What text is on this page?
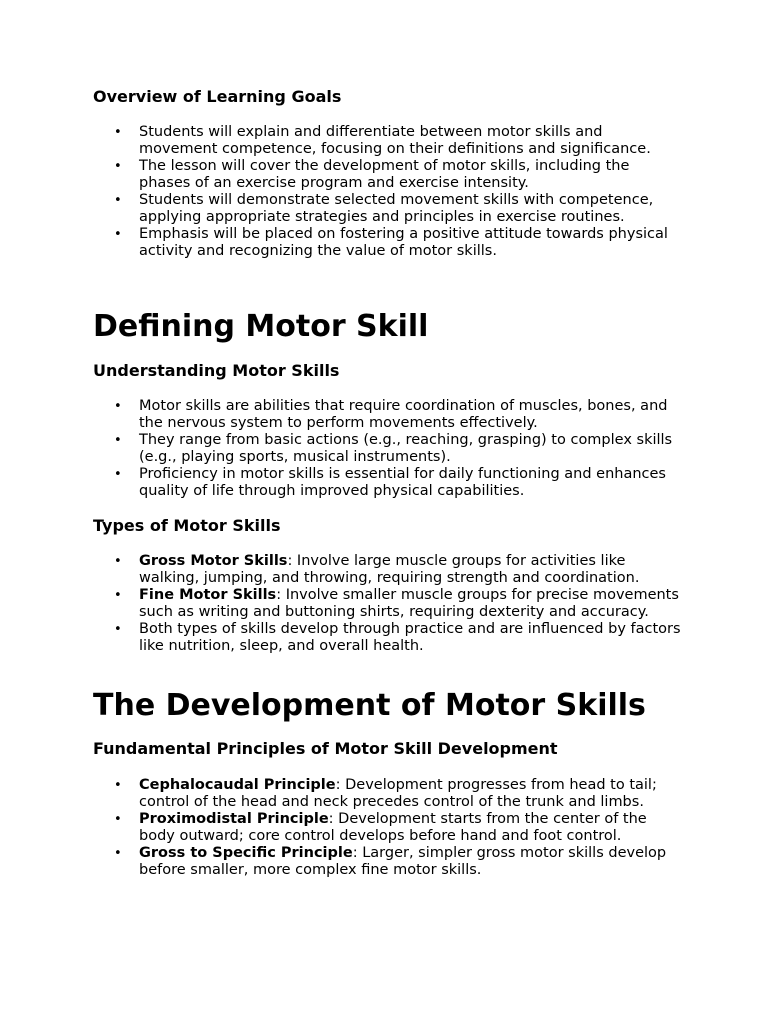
Overview of Learning Goals
• Students will explain and differentiate between motor skills and movement competence, focusing on their definitions and significance.
• The lesson will cover the development of motor skills, including the phases of an exercise program and exercise intensity.
• Students will demonstrate selected movement skills with competence, applying appropriate strategies and principles in exercise routines.
• Emphasis will be placed on fostering a positive attitude towards physical activity and recognizing the value of motor skills.
Defining Motor Skill
Understanding Motor Skills
• Motor skills are abilities that require coordination of muscles, bones, and the nervous system to perform movements effectively.
• They range from basic actions (e.g., reaching, grasping) to complex skills (e.g., playing sports, musical instruments).
• Proficiency in motor skills is essential for daily functioning and enhances quality of life through improved physical capabilities.
Types of Motor Skills
• Gross Motor Skills: Involve large muscle groups for activities like walking, jumping, and throwing, requiring strength and coordination.
• Fine Motor Skills: Involve smaller muscle groups for precise movements such as writing and buttoning shirts, requiring dexterity and accuracy.
• Both types of skills develop through practice and are influenced by factors like nutrition, sleep, and overall health.
The Development of Motor Skills
Fundamental Principles of Motor Skill Development
• Cephalocaudal Principle: Development progresses from head to tail; control of the head and neck precedes control of the trunk and limbs.
• Proximodistal Principle: Development starts from the center of the body outward; core control develops before hand and foot control.
• Gross to Specific Principle: Larger, simpler gross motor skills develop before smaller, more complex fine motor skills.
